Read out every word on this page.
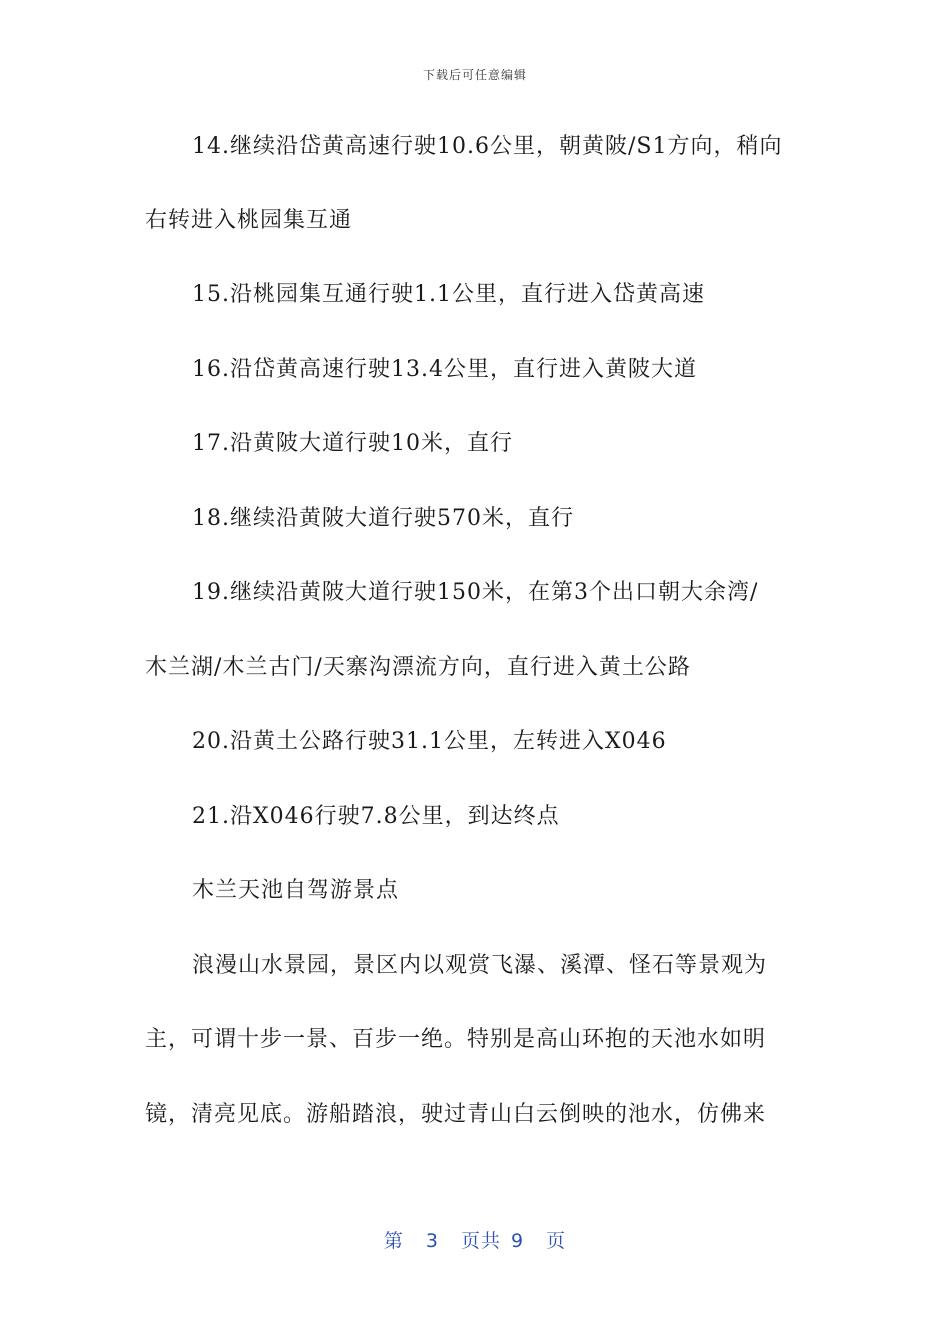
下载后可任意编辑
14.继续沿岱黄高速行驶10.6公里，朝黄陂/S1方向，稍向
右转进入桃园集互通
15.沿桃园集互通行驶1.1公里，直行进入岱黄高速
16.沿岱黄高速行驶13.4公里，直行进入黄陂大道
17.沿黄陂大道行驶10米，直行
18.继续沿黄陂大道行驶570米，直行
19.继续沿黄陂大道行驶150米，在第3个出口朝大余湾/
木兰湖/木兰古门/天寨沟漂流方向，直行进入黄土公路
20.沿黄土公路行驶31.1公里，左转进入X046
21.沿X046行驶7.8公里，到达终点
木兰天池自驾游景点
浪漫山水景园，景区内以观赏飞瀑、溪潭、怪石等景观为
主，可谓十步一景、百步一绝。特别是高山环抱的天池水如明
镜，清亮见底。游船踏浪，驶过青山白云倒映的池水，仿佛来
第 3 页共 9 页
